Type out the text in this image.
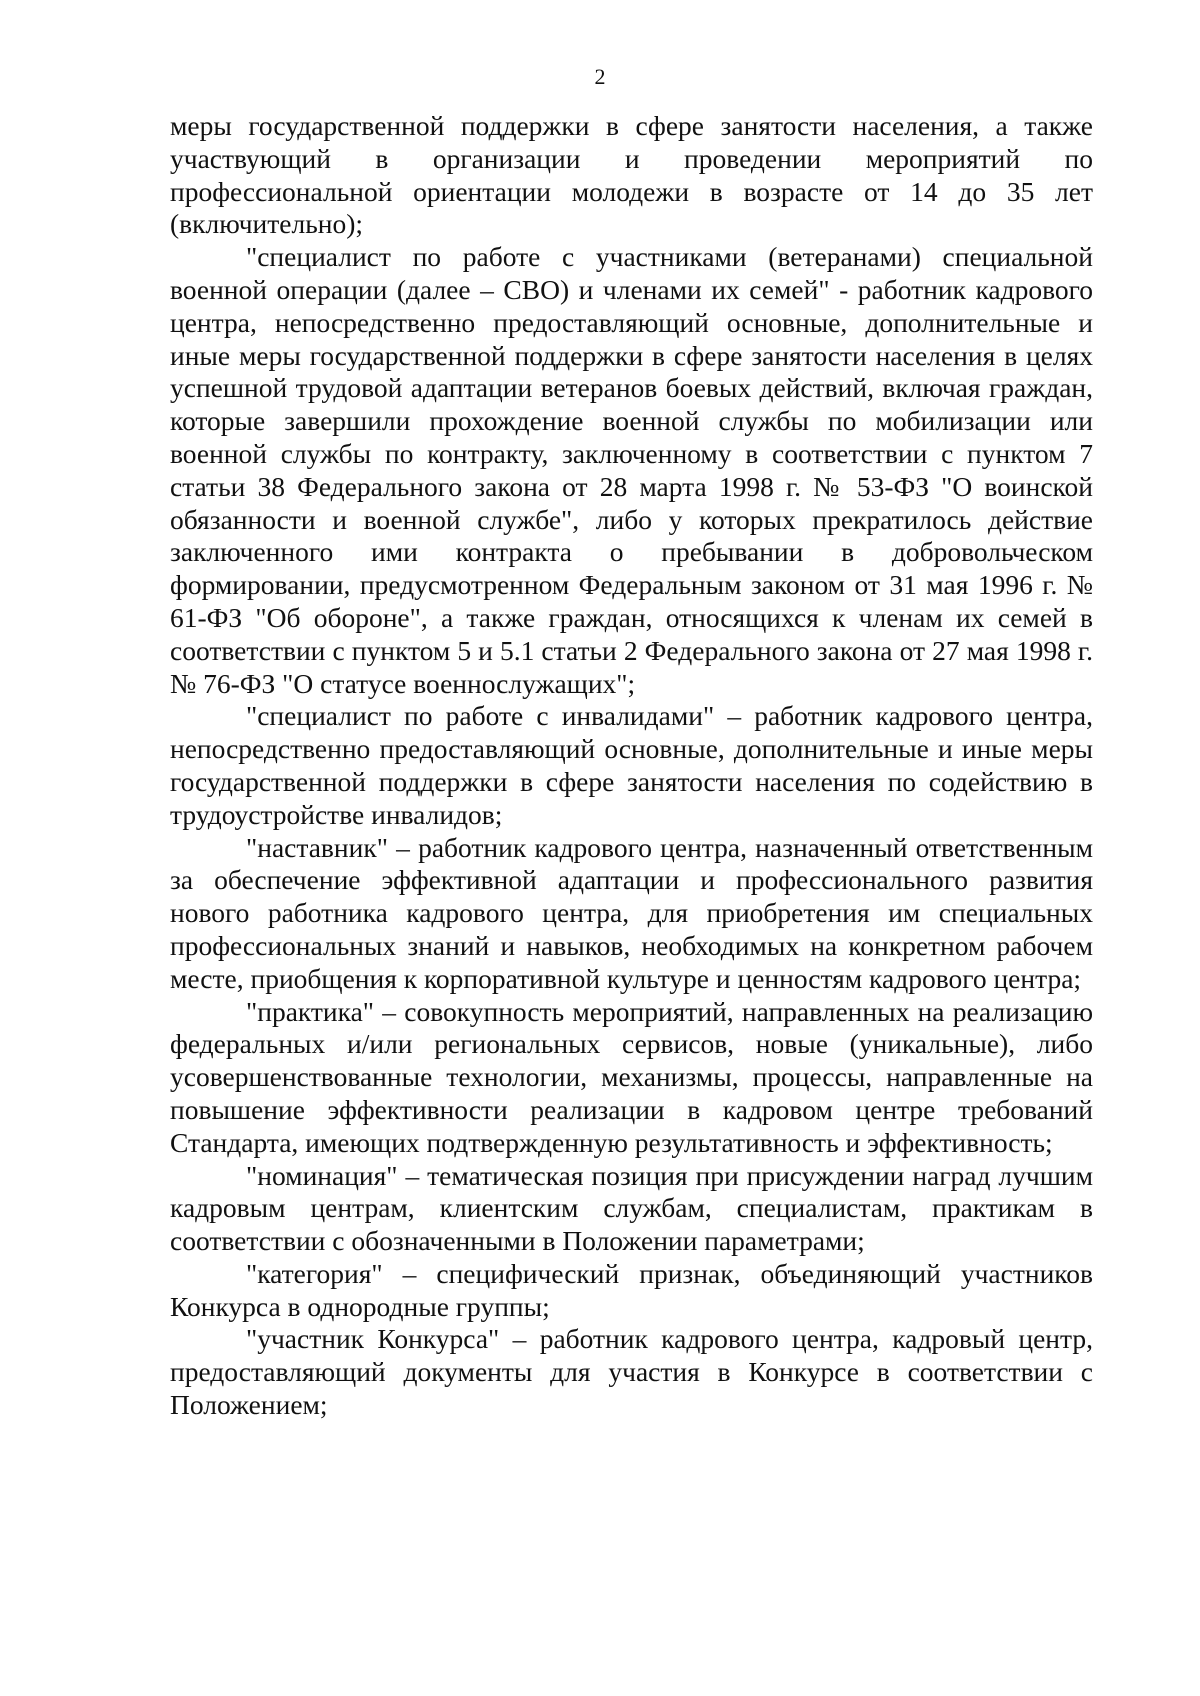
2

меры государственной поддержки в сфере занятости населения, а также участвующий в организации и проведении мероприятий по профессиональной ориентации молодежи в возрасте от 14 до 35 лет (включительно);

"специалист по работе с участниками (ветеранами) специальной военной операции (далее – СВО) и членами их семей" - работник кадрового центра, непосредственно предоставляющий основные, дополнительные и иные меры государственной поддержки в сфере занятости населения в целях успешной трудовой адаптации ветеранов боевых действий, включая граждан, которые завершили прохождение военной службы по мобилизации или военной службы по контракту, заключенному в соответствии с пунктом 7 статьи 38 Федерального закона от 28 марта 1998 г. № 53-ФЗ "О воинской обязанности и военной службе", либо у которых прекратилось действие заключенного ими контракта о пребывании в добровольческом формировании, предусмотренном Федеральным законом от 31 мая 1996 г. № 61-ФЗ "Об обороне", а также граждан, относящихся к членам их семей в соответствии с пунктом 5 и 5.1 статьи 2 Федерального закона от 27 мая 1998 г. № 76-ФЗ "О статусе военнослужащих";

"специалист по работе с инвалидами" – работник кадрового центра, непосредственно предоставляющий основные, дополнительные и иные меры государственной поддержки в сфере занятости населения по содействию в трудоустройстве инвалидов;

"наставник" – работник кадрового центра, назначенный ответственным за обеспечение эффективной адаптации и профессионального развития нового работника кадрового центра, для приобретения им специальных профессиональных знаний и навыков, необходимых на конкретном рабочем месте, приобщения к корпоративной культуре и ценностям кадрового центра;

"практика" – совокупность мероприятий, направленных на реализацию федеральных и/или региональных сервисов, новые (уникальные), либо усовершенствованные технологии, механизмы, процессы, направленные на повышение эффективности реализации в кадровом центре требований Стандарта, имеющих подтвержденную результативность и эффективность;

"номинация" – тематическая позиция при присуждении наград лучшим кадровым центрам, клиентским службам, специалистам, практикам в соответствии с обозначенными в Положении параметрами;

"категория" – специфический признак, объединяющий участников Конкурса в однородные группы;

"участник Конкурса" – работник кадрового центра, кадровый центр, предоставляющий документы для участия в Конкурсе в соответствии с Положением;
